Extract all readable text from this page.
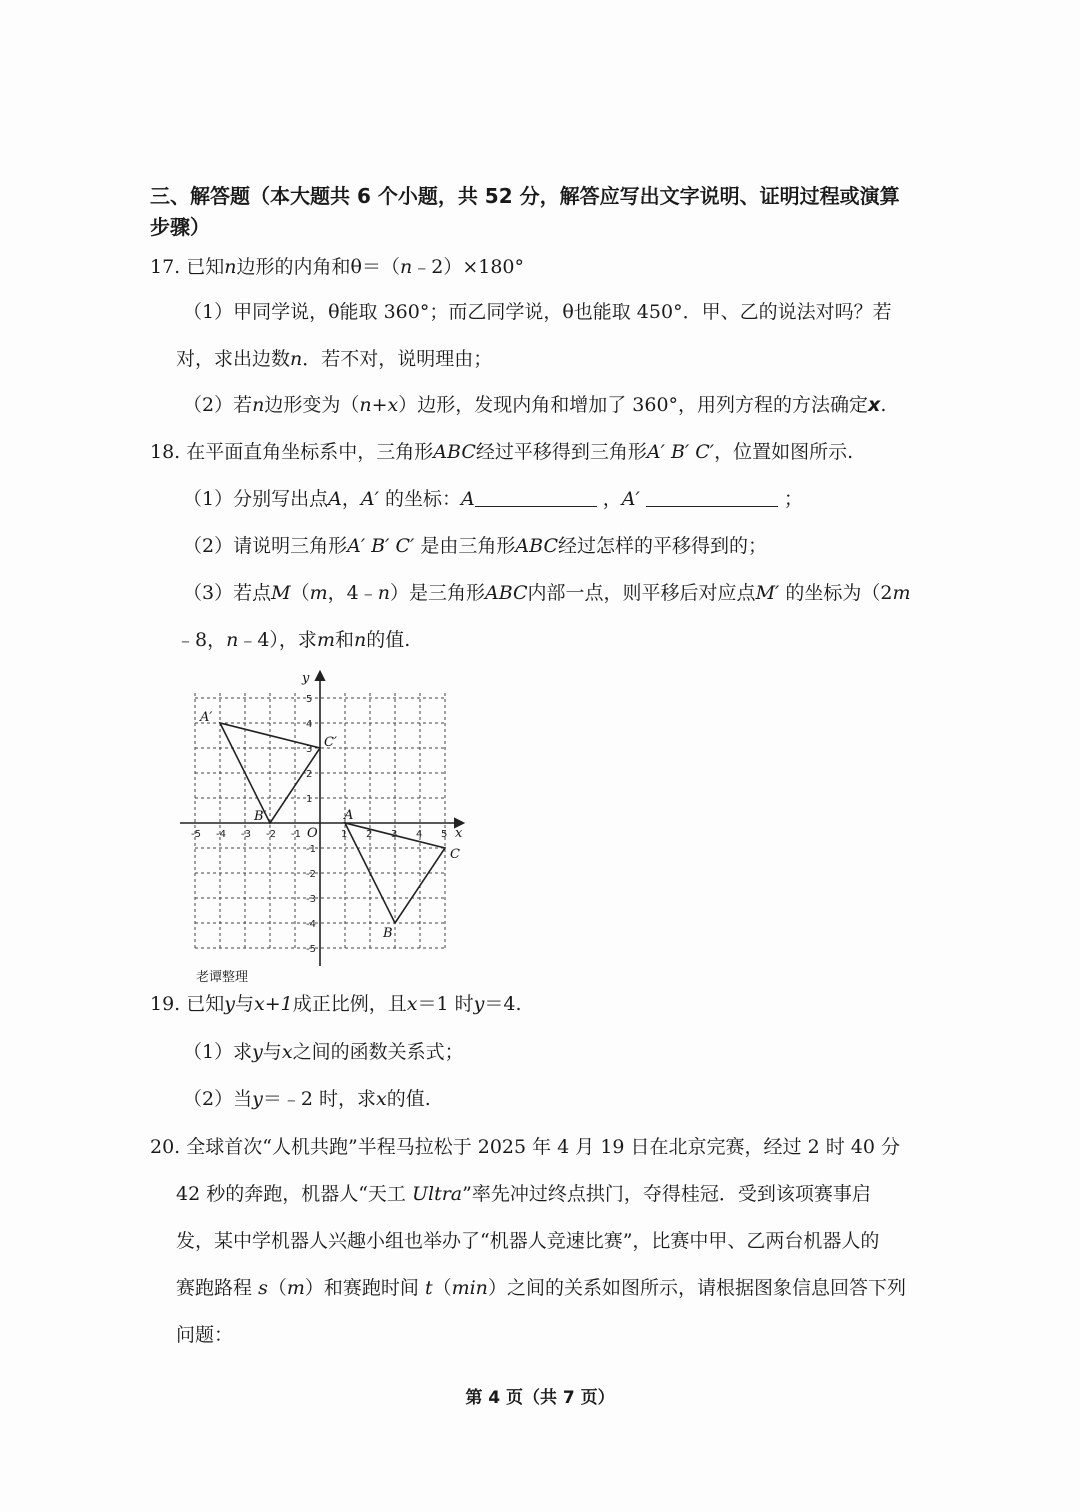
三、解答题（本大题共 6 个小题，共 52 分，解答应写出文字说明、证明过程或演算
步骤）
17. 已知n边形的内角和θ＝（n﹣2）×180°
（1）甲同学说，θ能取 360°；而乙同学说，θ也能取 450°．甲、乙的说法对吗？若
对，求出边数n．若不对，说明理由；
（2）若n边形变为（n+x）边形，发现内角和增加了 360°，用列方程的方法确定x.
18. 在平面直角坐标系中，三角形ABC经过平移得到三角形A′ B′ C′，位置如图所示.
（1）分别写出点A，A′ 的坐标：A	，A′	；
（2）请说明三角形A′ B′ C′ 是由三角形ABC经过怎样的平移得到的；
（3）若点M（m，4﹣n）是三角形ABC内部一点，则平移后对应点M′ 的坐标为（2m
﹣8，n﹣4），求m和n的值.
-5 -4 -3 -2 -1	1 2 3 4 5
5
4
3
2
1
-1
-2
-3
-4
-5
x
y
O
A
B
C
A′
B′
C′
老谭整理
19. 已知y与x+1成正比例，且x＝1 时y＝4.
（1）求y与x之间的函数关系式；
（2）当y＝﹣2 时，求x的值.
20. 全球首次“人机共跑”半程马拉松于 2025 年 4 月 19 日在北京完赛，经过 2 时 40 分
42 秒的奔跑，机器人“天工 Ultra”率先冲过终点拱门，夺得桂冠．受到该项赛事启
发，某中学机器人兴趣小组也举办了“机器人竞速比赛”，比赛中甲、乙两台机器人的
赛跑路程 s（m）和赛跑时间 t（min）之间的关系如图所示，请根据图象信息回答下列
问题：
第 4 页（共 7 页）
